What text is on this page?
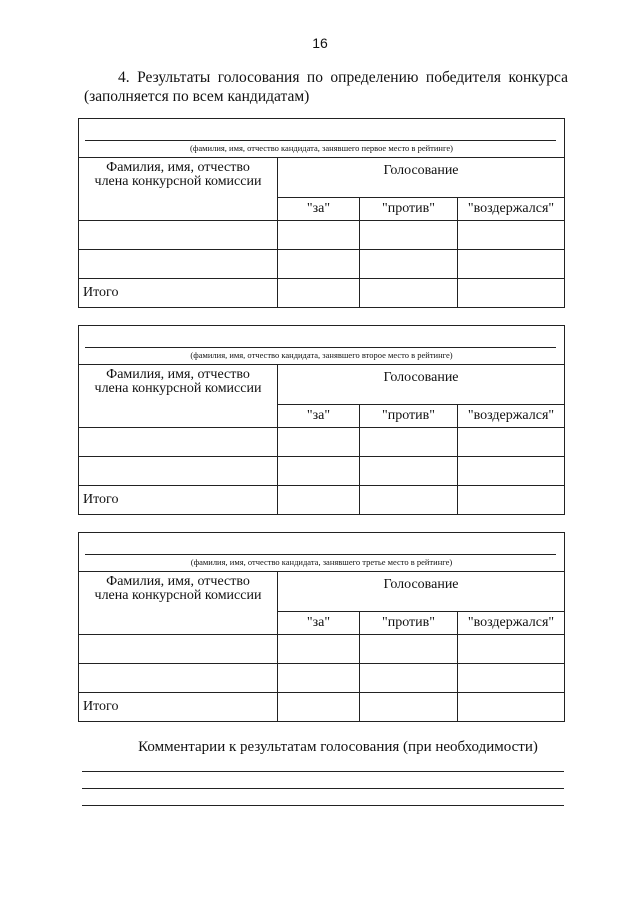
16
4. Результаты голосования по определению победителя конкурса
(заполняется по всем кандидатам)
(фамилия, имя, отчество кандидата, занявшего первое место в рейтинге)			

Фамилия, имя, отчество
члена конкурсной комиссии	Голосование		
	"за"	"против"	"воздержался"

Итого			
(фамилия, имя, отчество кандидата, занявшего второе место в рейтинге)			

Фамилия, имя, отчество
члена конкурсной комиссии	Голосование		
	"за"	"против"	"воздержался"

Итого			
(фамилия, имя, отчество кандидата, занявшего третье место в рейтинге)			

Фамилия, имя, отчество
члена конкурсной комиссии	Голосование		
	"за"	"против"	"воздержался"

Итого			
Комментарии к результатам голосования (при необходимости)
